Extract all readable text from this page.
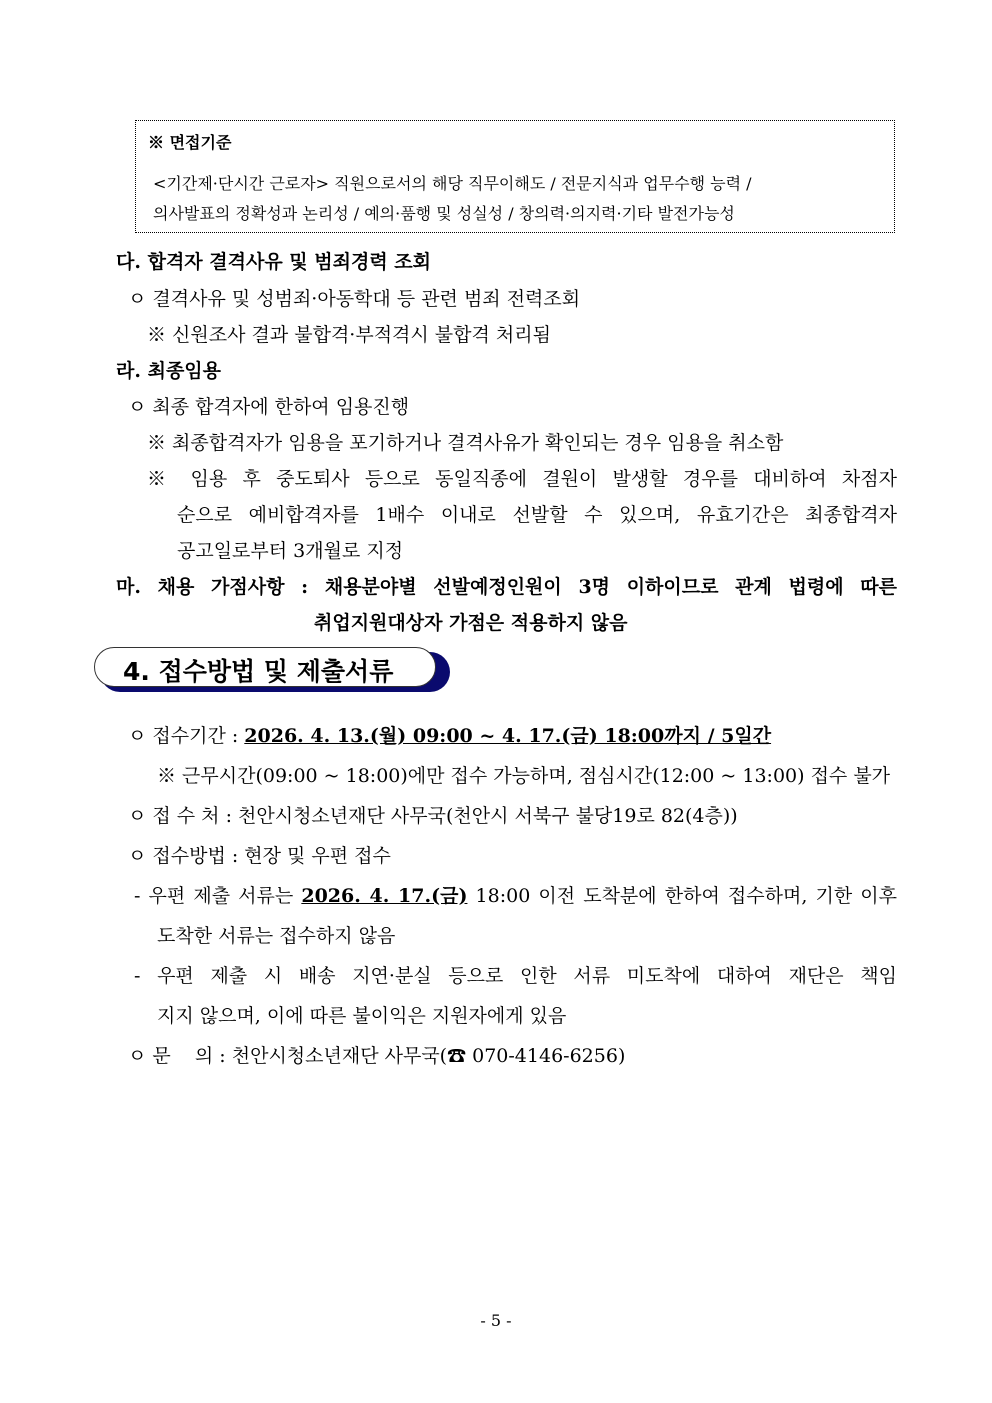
※ 면접기준
<기간제·단시간 근로자> 직원으로서의 해당 직무이해도 / 전문지식과 업무수행 능력 /
의사발표의 정확성과 논리성 / 예의·품행 및 성실성 / 창의력·의지력·기타 발전가능성
다. 합격자 결격사유 및 범죄경력 조회
ㅇ 결격사유 및 성범죄·아동학대 등 관련 범죄 전력조회
※ 신원조사 결과 불합격·부적격시 불합격 처리됨
라. 최종임용
ㅇ 최종 합격자에 한하여 임용진행
※ 최종합격자가 임용을 포기하거나 결격사유가 확인되는 경우 임용을 취소함
※ 임용 후 중도퇴사 등으로 동일직종에 결원이 발생할 경우를 대비하여 차점자
순으로 예비합격자를 1배수 이내로 선발할 수 있으며, 유효기간은 최종합격자
공고일로부터 3개월로 지정
마. 채용 가점사항 : 채용분야별 선발예정인원이 3명 이하이므로 관계 법령에 따른
취업지원대상자 가점은 적용하지 않음
4. 접수방법 및 제출서류
ㅇ 접수기간 : 2026. 4. 13.(월) 09:00 ~ 4. 17.(금) 18:00까지 / 5일간
※ 근무시간(09:00 ~ 18:00)에만 접수 가능하며, 점심시간(12:00 ~ 13:00) 접수 불가
ㅇ 접 수 처 : 천안시청소년재단 사무국(천안시 서북구 불당19로 82(4층))
ㅇ 접수방법 : 현장 및 우편 접수
- 우편 제출 서류는 2026. 4. 17.(금) 18:00 이전 도착분에 한하여 접수하며, 기한 이후
도착한 서류는 접수하지 않음
- 우편 제출 시 배송 지연·분실 등으로 인한 서류 미도착에 대하여 재단은 책임
지지 않으며, 이에 따른 불이익은 지원자에게 있음
ㅇ 문    의 : 천안시청소년재단 사무국(☎ 070-4146-6256)
- 5 -
